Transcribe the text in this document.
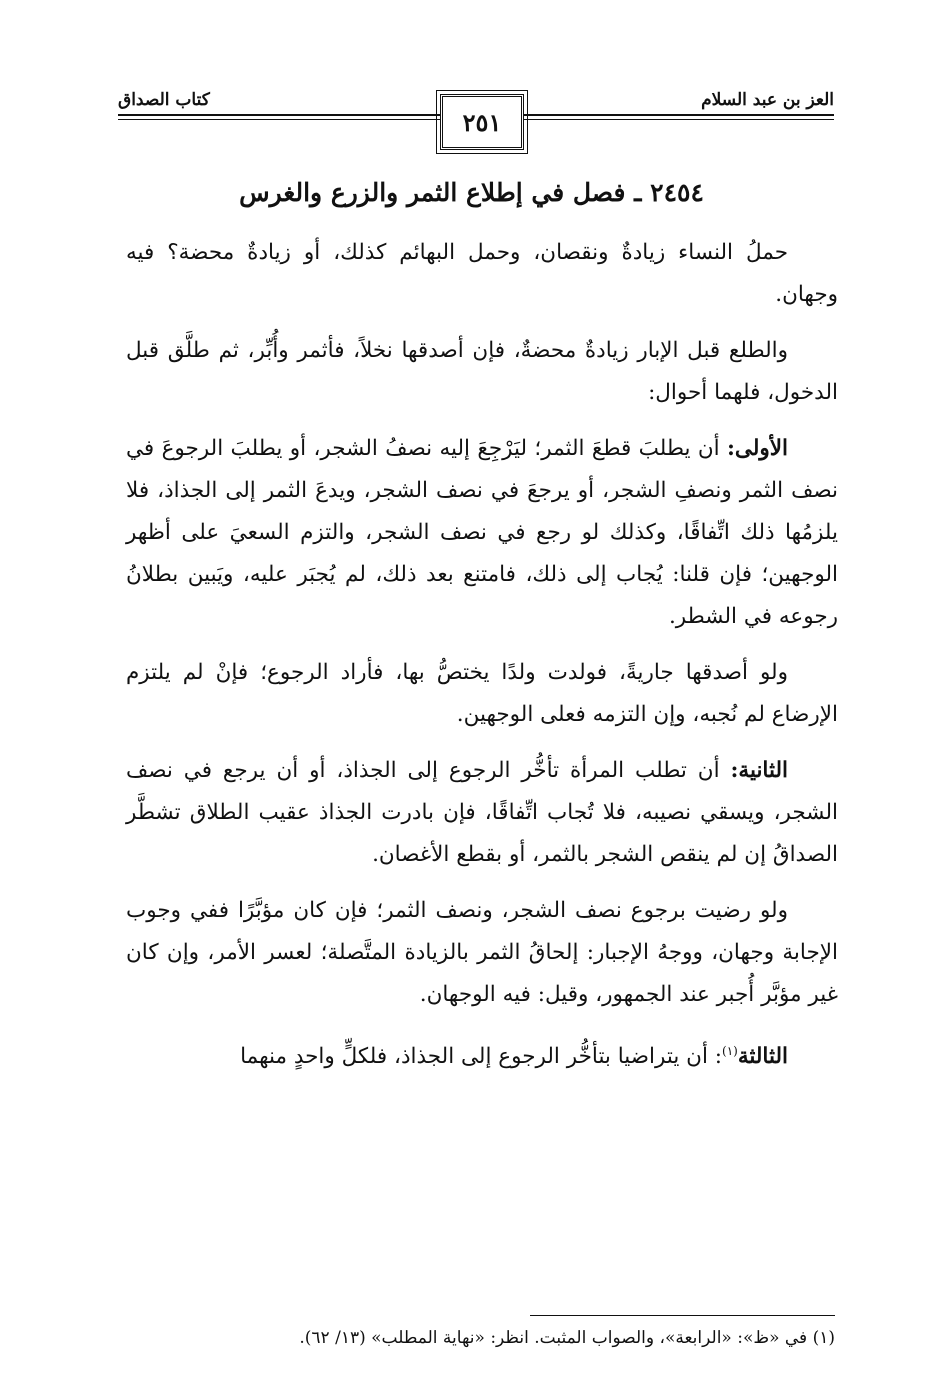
العز بن عبد السلام
كتاب الصداق
٢٥١
٢٤٥٤ ـ فصل في إطلاع الثمر والزرع والغرس

حملُ النساء زيادةٌ ونقصان، وحمل البهائم كذلك، أو زيادةٌ محضة؟ فيه وجهان.

والطلع قبل الإبار زيادةٌ محضةٌ، فإن أصدقها نخلاً، فأثمر وأُبِّر، ثم طلَّق قبل الدخول، فلهما أحوال:

الأولى: أن يطلبَ قطعَ الثمر؛ ليَرْجِعَ إليه نصفُ الشجر، أو يطلبَ الرجوعَ في نصف الثمر ونصفِ الشجر، أو يرجعَ في نصف الشجر، ويدعَ الثمر إلى الجذاذ، فلا يلزمُها ذلك اتِّفاقًا، وكذلك لو رجع في نصف الشجر، والتزم السعيَ على أظهر الوجهين؛ فإن قلنا: يُجاب إلى ذلك، فامتنع بعد ذلك، لم يُجبَر عليه، ويَبين بطلانُ رجوعه في الشطر.

ولو أصدقها جاريةً، فولدت ولدًا يختصُّ بها، فأراد الرجوع؛ فإنْ لم يلتزم الإرضاع لم نُجبه، وإن التزمه فعلى الوجهين.

الثانية: أن تطلب المرأة تأخُّر الرجوع إلى الجذاذ، أو أن يرجع في نصف الشجر، ويسقي نصيبه، فلا تُجاب اتِّفاقًا، فإن بادرت الجذاذ عقيب الطلاق تشطَّر الصداقُ إن لم ينقص الشجر بالثمر، أو بقطع الأغصان.

ولو رضيت برجوع نصف الشجر، ونصف الثمر؛ فإن كان مؤبَّرًا ففي وجوب الإجابة وجهان، ووجهُ الإجبار: إلحاقُ الثمر بالزيادة المتَّصلة؛ لعسر الأمر، وإن كان غير مؤبَّر أُجبر عند الجمهور، وقيل: فيه الوجهان.

الثالثة$^{(١)}$: أن يتراضيا بتأخُّر الرجوع إلى الجذاذ، فلكلٍّ واحدٍ منهما

(١) في «ظ»: «الرابعة»، والصواب المثبت. انظر: «نهاية المطلب» (١٣/ ٦٢).
